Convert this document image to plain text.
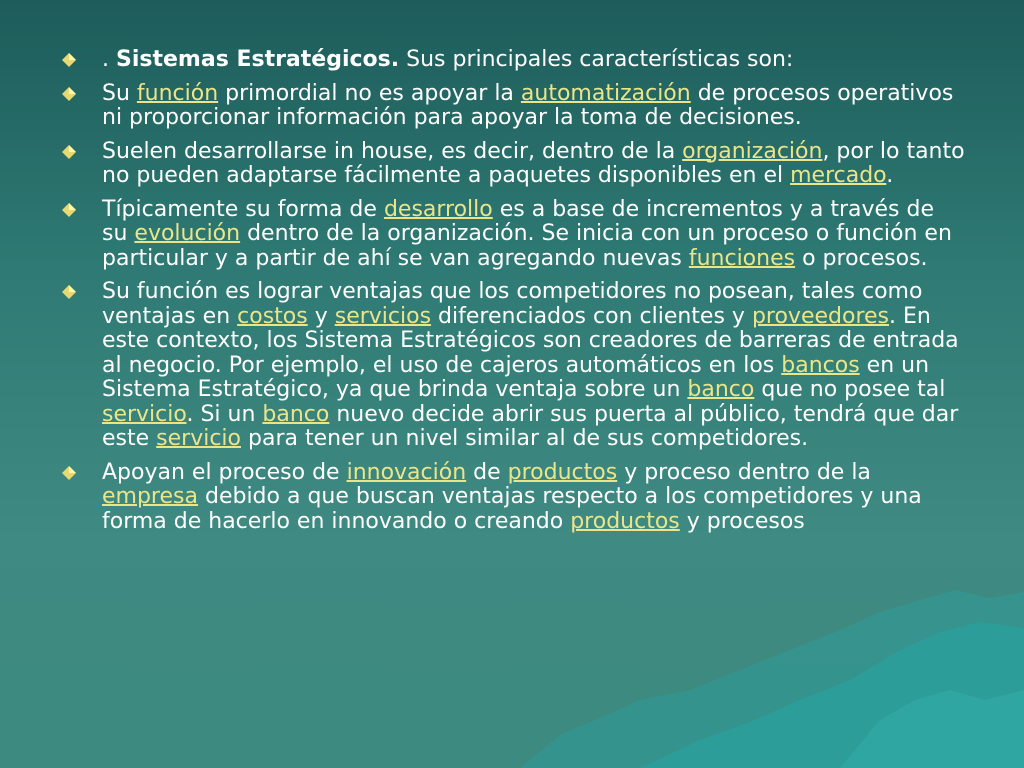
. Sistemas Estratégicos. Sus principales características son:
Su función primordial no es apoyar la automatización de procesos operativos ni proporcionar información para apoyar la toma de decisiones.
Suelen desarrollarse in house, es decir, dentro de la organización, por lo tanto no pueden adaptarse fácilmente a paquetes disponibles en el mercado.
Típicamente su forma de desarrollo es a base de incrementos y a través de su evolución dentro de la organización. Se inicia con un proceso o función en particular y a partir de ahí se van agregando nuevas funciones o procesos.
Su función es lograr ventajas que los competidores no posean, tales como ventajas en costos y servicios diferenciados con clientes y proveedores. En este contexto, los Sistema Estratégicos son creadores de barreras de entrada al negocio. Por ejemplo, el uso de cajeros automáticos en los bancos en un Sistema Estratégico, ya que brinda ventaja sobre un banco que no posee tal servicio. Si un banco nuevo decide abrir sus puerta al público, tendrá que dar este servicio para tener un nivel similar al de sus competidores.
Apoyan el proceso de innovación de productos y proceso dentro de la empresa debido a que buscan ventajas respecto a los competidores y una forma de hacerlo en innovando o creando productos y procesos
